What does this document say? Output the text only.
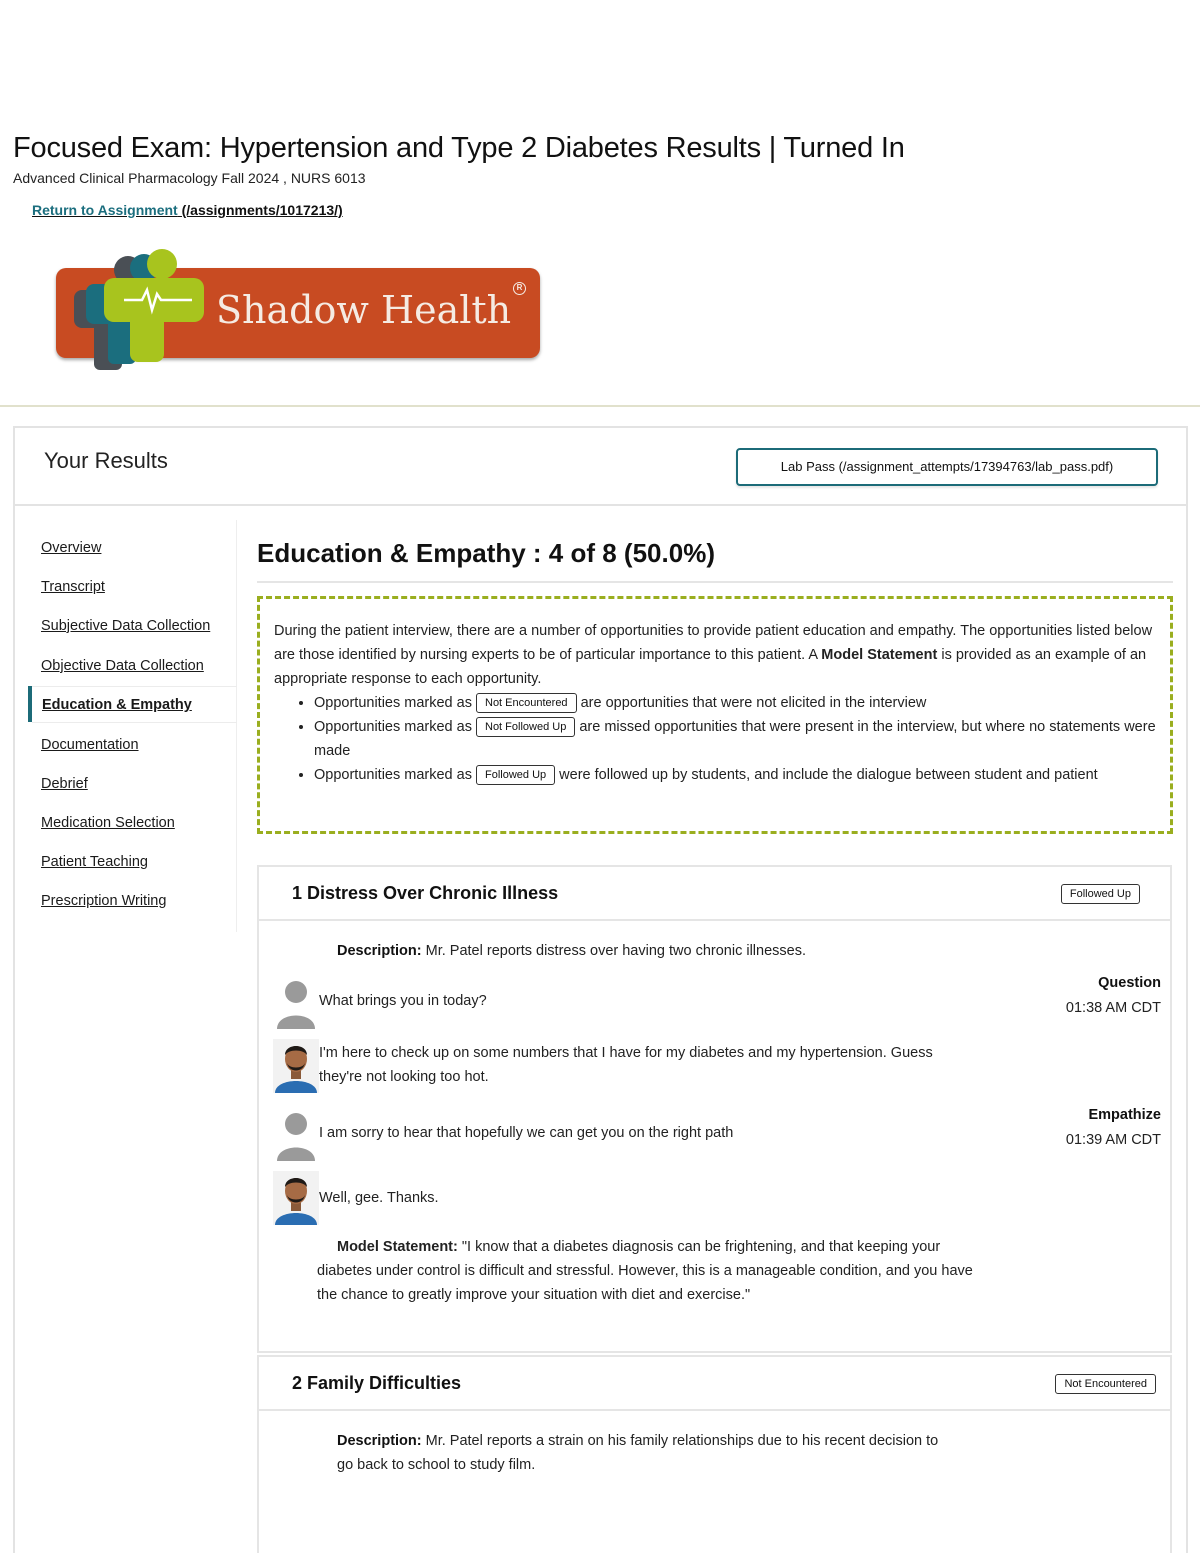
Focused Exam: Hypertension and Type 2 Diabetes Results | Turned In
Advanced Clinical Pharmacology Fall 2024 , NURS 6013
Return to Assignment (/assignments/1017213/)
Shadow Health
R
Your Results	Lab Pass (/assignment_attempts/17394763/lab_pass.pdf)
Overview
Transcript
Subjective Data Collection
Objective Data Collection
Education & Empathy
Documentation
Debrief
Medication Selection
Patient Teaching
Prescription Writing
Education & Empathy : 4 of 8 (50.0%)

During the patient interview, there are a number of opportunities to provide patient education and empathy. The opportunities listed below are those identified by nursing experts to be of particular importance to this patient. A Model Statement is provided as an example of an appropriate response to each opportunity.

• Opportunities marked as Not Encountered are opportunities that were not elicited in the interview
• Opportunities marked as Not Followed Up are missed opportunities that were present in the interview, but where no statements were made
• Opportunities marked as Followed Up were followed up by students, and include the dialogue between student and patient
1 Distress Over Chronic Illness	Followed Up
Description: Mr. Patel reports distress over having two chronic illnesses.
What brings you in today?
Question
01:38 AM CDT
I'm here to check up on some numbers that I have for my diabetes and my hypertension. Guess they're not looking too hot.
I am sorry to hear that hopefully we can get you on the right path
Empathize
01:39 AM CDT
Well, gee. Thanks.
Model Statement: "I know that a diabetes diagnosis can be frightening, and that keeping your diabetes under control is difficult and stressful. However, this is a manageable condition, and you have the chance to greatly improve your situation with diet and exercise."
2 Family Difficulties	Not Encountered
Description: Mr. Patel reports a strain on his family relationships due to his recent decision to go back to school to study film.
